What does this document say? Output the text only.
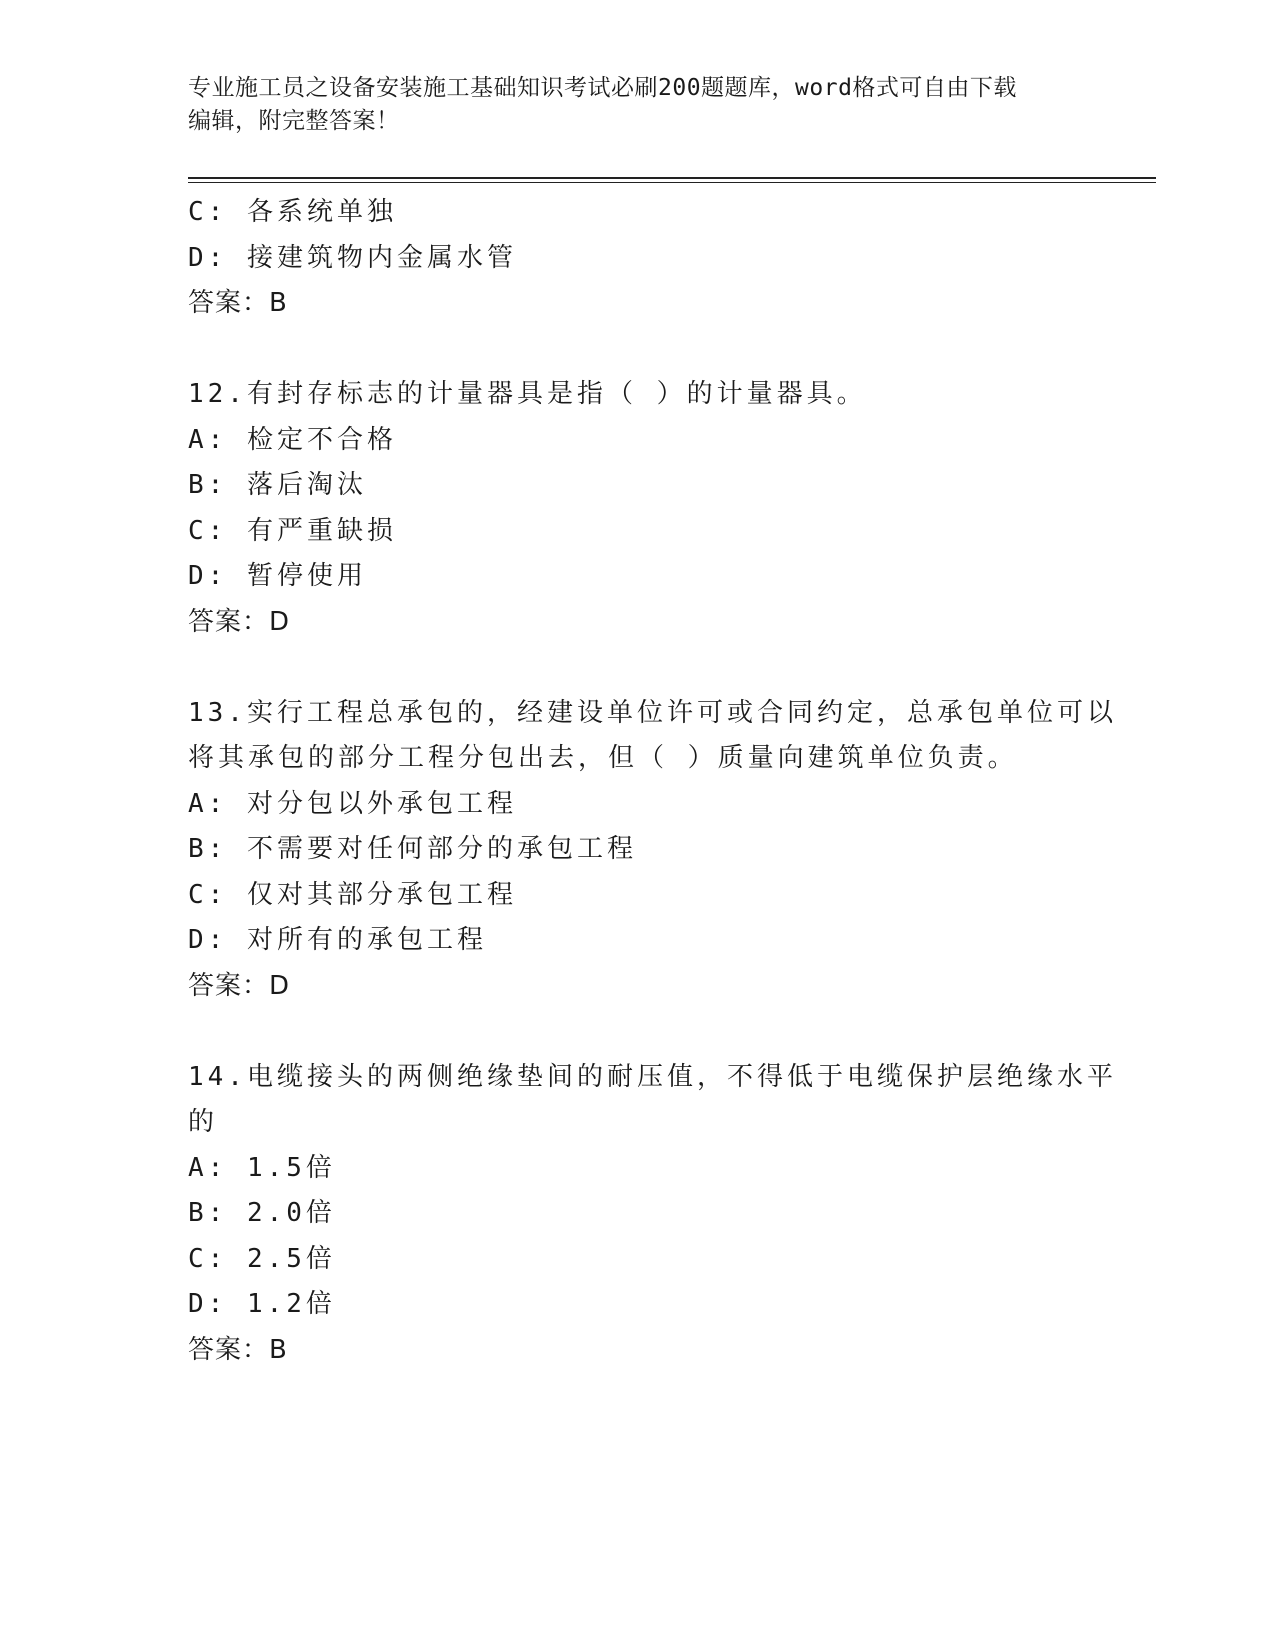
专业施工员之设备安装施工基础知识考试必刷200题题库，word格式可自由下载
编辑，附完整答案！
C: 各系统单独
D: 接建筑物内金属水管
答案：B
12.有封存标志的计量器具是指（ ）的计量器具。
A: 检定不合格
B: 落后淘汰
C: 有严重缺损
D: 暂停使用
答案：D
13.实行工程总承包的，经建设单位许可或合同约定，总承包单位可以
将其承包的部分工程分包出去，但（ ）质量向建筑单位负责。
A: 对分包以外承包工程
B: 不需要对任何部分的承包工程
C: 仅对其部分承包工程
D: 对所有的承包工程
答案：D
14.电缆接头的两侧绝缘垫间的耐压值，不得低于电缆保护层绝缘水平
的
A: 1.5倍
B: 2.0倍
C: 2.5倍
D: 1.2倍
答案：B
